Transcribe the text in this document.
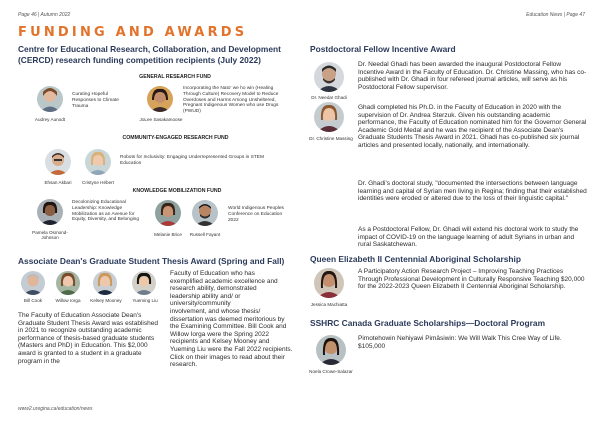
Page 46 | Autumn 2022	Education News | Page 47
FUNDING AND AWARDS
Centre for Educational Research, Collaboration, and Development (CERCD) research funding competition recipients (July 2022)
GENERAL RESEARCH FUND
Audrey Aunodt
Curating Hopeful Responses to Climate Trauma
JoLee Sasakamoose
Incorporating the Nato' we ho win (Healing Through Culture) Recovery Model to Reduce Overdoses and Harms Among Unsheltered, Pregnant Indigenous Women who use Drugs (PWUD)
COMMUNITY-ENGAGED RESEARCH FUND
Ehsan Akbari	Cristyne Hébert
Robots for Inclusivity: Engaging Underrepresented Groups in STEM Education
KNOWLEDGE MOBILIZATION FUND
Pamela Osmond-Johnson
Decolonizing Educational Leadership: Knowledge Mobilization as an Avenue for Equity, Diversity, and Belonging
Melanie Brice	Russell Fayant
World Indigenous Peoples Conference on Education 2022
Associate Dean's Graduate Student Thesis Award (Spring and Fall)
Bill Cook	Willow Iorga	Kelsey Mooney	Yueming Liu
Faculty of Education who has exemplified academic excellence and research ability, demonstrated leadership ability and/ or university/community
The Faculty of Education Associate Dean's Graduate Student Thesis Award was established in 2021 to recognize outstanding academic performance of thesis-based graduate students (Masters and PhD) in Education. This $2,000 award is granted to a student in a graduate program in the
involvement, and whose thesis/ dissertation was deemed meritorious by the Examining Committee. Bill Cook and Willow Iorga were the Spring 2022 recipients and Kelsey Mooney and Yueming Liu were the Fall 2022 recipients. Click on their images to read about their research.
www2.uregina.ca/education/news
Postdoctoral Fellow Incentive Award
Dr. Needa! Ghadi
Dr. Christine Massing
Dr. Needal Ghadi has been awarded the inaugural Postdoctoral Fellow Incentive Award in the Faculty of Education. Dr. Christine Massing, who has co-published with Dr. Ghadi in four refereed journal articles, will serve as his Postdoctoral Fellow supervisor.
Ghadi completed his Ph.D. in the Faculty of Education in 2020 with the supervision of Dr. Andrea Sterzuk. Given his outstanding academic performance, the Faculty of Education nominated him for the Governor General Academic Gold Medal and he was the recipient of the Associate Dean's Graduate Students Thesis Award in 2021. Ghadi has co-published six journal articles and presented locally, nationally, and internationally.
Dr. Ghadi's doctoral study, "documented the intersections between language learning and capital of Syrian men living in Regina; finding that their established identities were eroded or altered due to the loss of their linguistic capital."
As a Postdoctoral Fellow, Dr. Ghadi will extend his doctoral work to study the impact of COVID-19 on the language learning of adult Syrians in urban and rural Saskatchewan.
Queen Elizabeth II Centennial Aboriginal Scholarship
Jessica Machiatta
A Participatory Action Research Project – Improving Teaching Practices Through Professional Development in Culturally Responsive Teaching $20,000 for the 2022-2023 Queen Elizabeth II Centennial Aboriginal Scholarship.
SSHRC Canada Graduate Scholarships—Doctoral Program
Noela Crowe-Salazar
Pimotehowin Nehiyawi Pimâsiwin: We Will Walk This Cree Way of Life. $105,000
